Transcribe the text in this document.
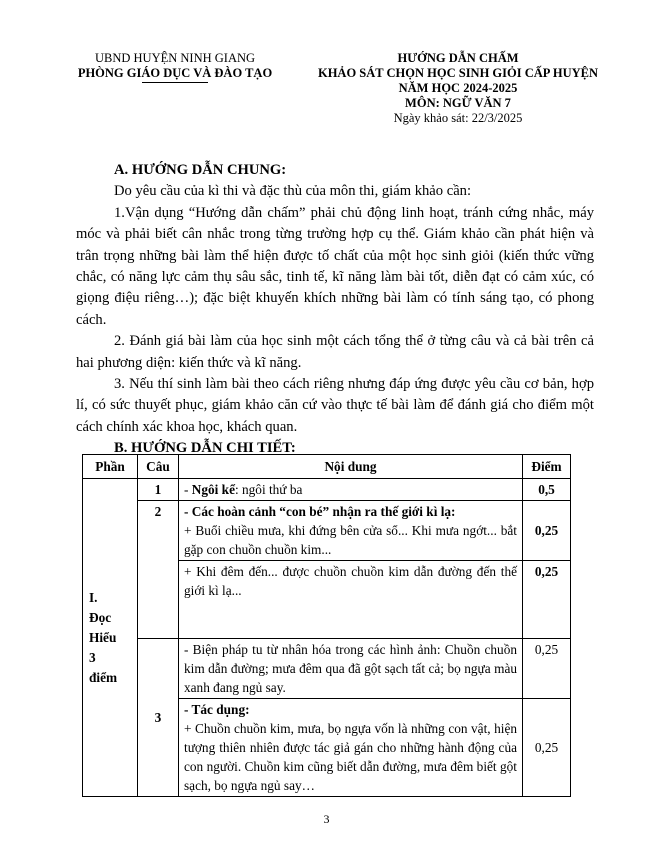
UBND HUYỆN NINH GIANG
PHÒNG GIÁO DỤC VÀ ĐÀO TẠO
HƯỚNG DẪN CHẤM
KHẢO SÁT CHỌN HỌC SINH GIỎI CẤP HUYỆN
NĂM HỌC 2024-2025
MÔN: NGỮ VĂN 7
Ngày khảo sát: 22/3/2025

A. HƯỚNG DẪN CHUNG:

Do yêu cầu của kì thi và đặc thù của môn thi, giám khảo cần:

1.Vận dụng “Hướng dẫn chấm” phải chủ động linh hoạt, tránh cứng nhắc, máy móc và phải biết cân nhắc trong từng trường hợp cụ thể. Giám khảo cần phát hiện và trân trọng những bài làm thể hiện được tố chất của một học sinh giỏi (kiến thức vững chắc, có năng lực cảm thụ sâu sắc, tinh tế, kĩ năng làm bài tốt, diễn đạt có cảm xúc, có giọng điệu riêng…); đặc biệt khuyến khích những bài làm có tính sáng tạo, có phong cách.

2. Đánh giá bài làm của học sinh một cách tổng thể ở từng câu và cả bài trên cả hai phương diện: kiến thức và kĩ năng.

3. Nếu thí sinh làm bài theo cách riêng nhưng đáp ứng được yêu cầu cơ bản, hợp lí, có sức thuyết phục, giám khảo căn cứ vào thực tế bài làm để đánh giá cho điểm một cách chính xác khoa học, khách quan.

B. HƯỚNG DẪN CHI TIẾT:

Phần	Câu	Nội dung	Điểm

I.
Đọc
Hiểu
3
điểm	1	- Ngôi kể: ngôi thứ ba	0,5
	2	- Các hoàn cảnh “con bé” nhận ra thế giới kì lạ:
+ Buổi chiều mưa, khi đứng bên cửa sổ... Khi mưa ngớt... bắt gặp con chuồn chuồn kim...	0,25
		+ Khi đêm đến... được chuồn chuồn kim dẫn đường đến thế giới kì lạ...	0,25
	3	- Biện pháp tu từ nhân hóa trong các hình ảnh: Chuồn chuồn kim dẫn đường; mưa đêm qua đã gột sạch tất cả; bọ ngựa màu xanh đang ngủ say.	0,25

		- Tác dụng:
+ Chuồn chuồn kim, mưa, bọ ngựa vốn là những con vật, hiện tượng thiên nhiên được tác giả gán cho những hành động của con người. Chuồn kim cũng biết dẫn đường, mưa đêm biết gột sạch, bọ ngựa ngủ say…	0,25
3
